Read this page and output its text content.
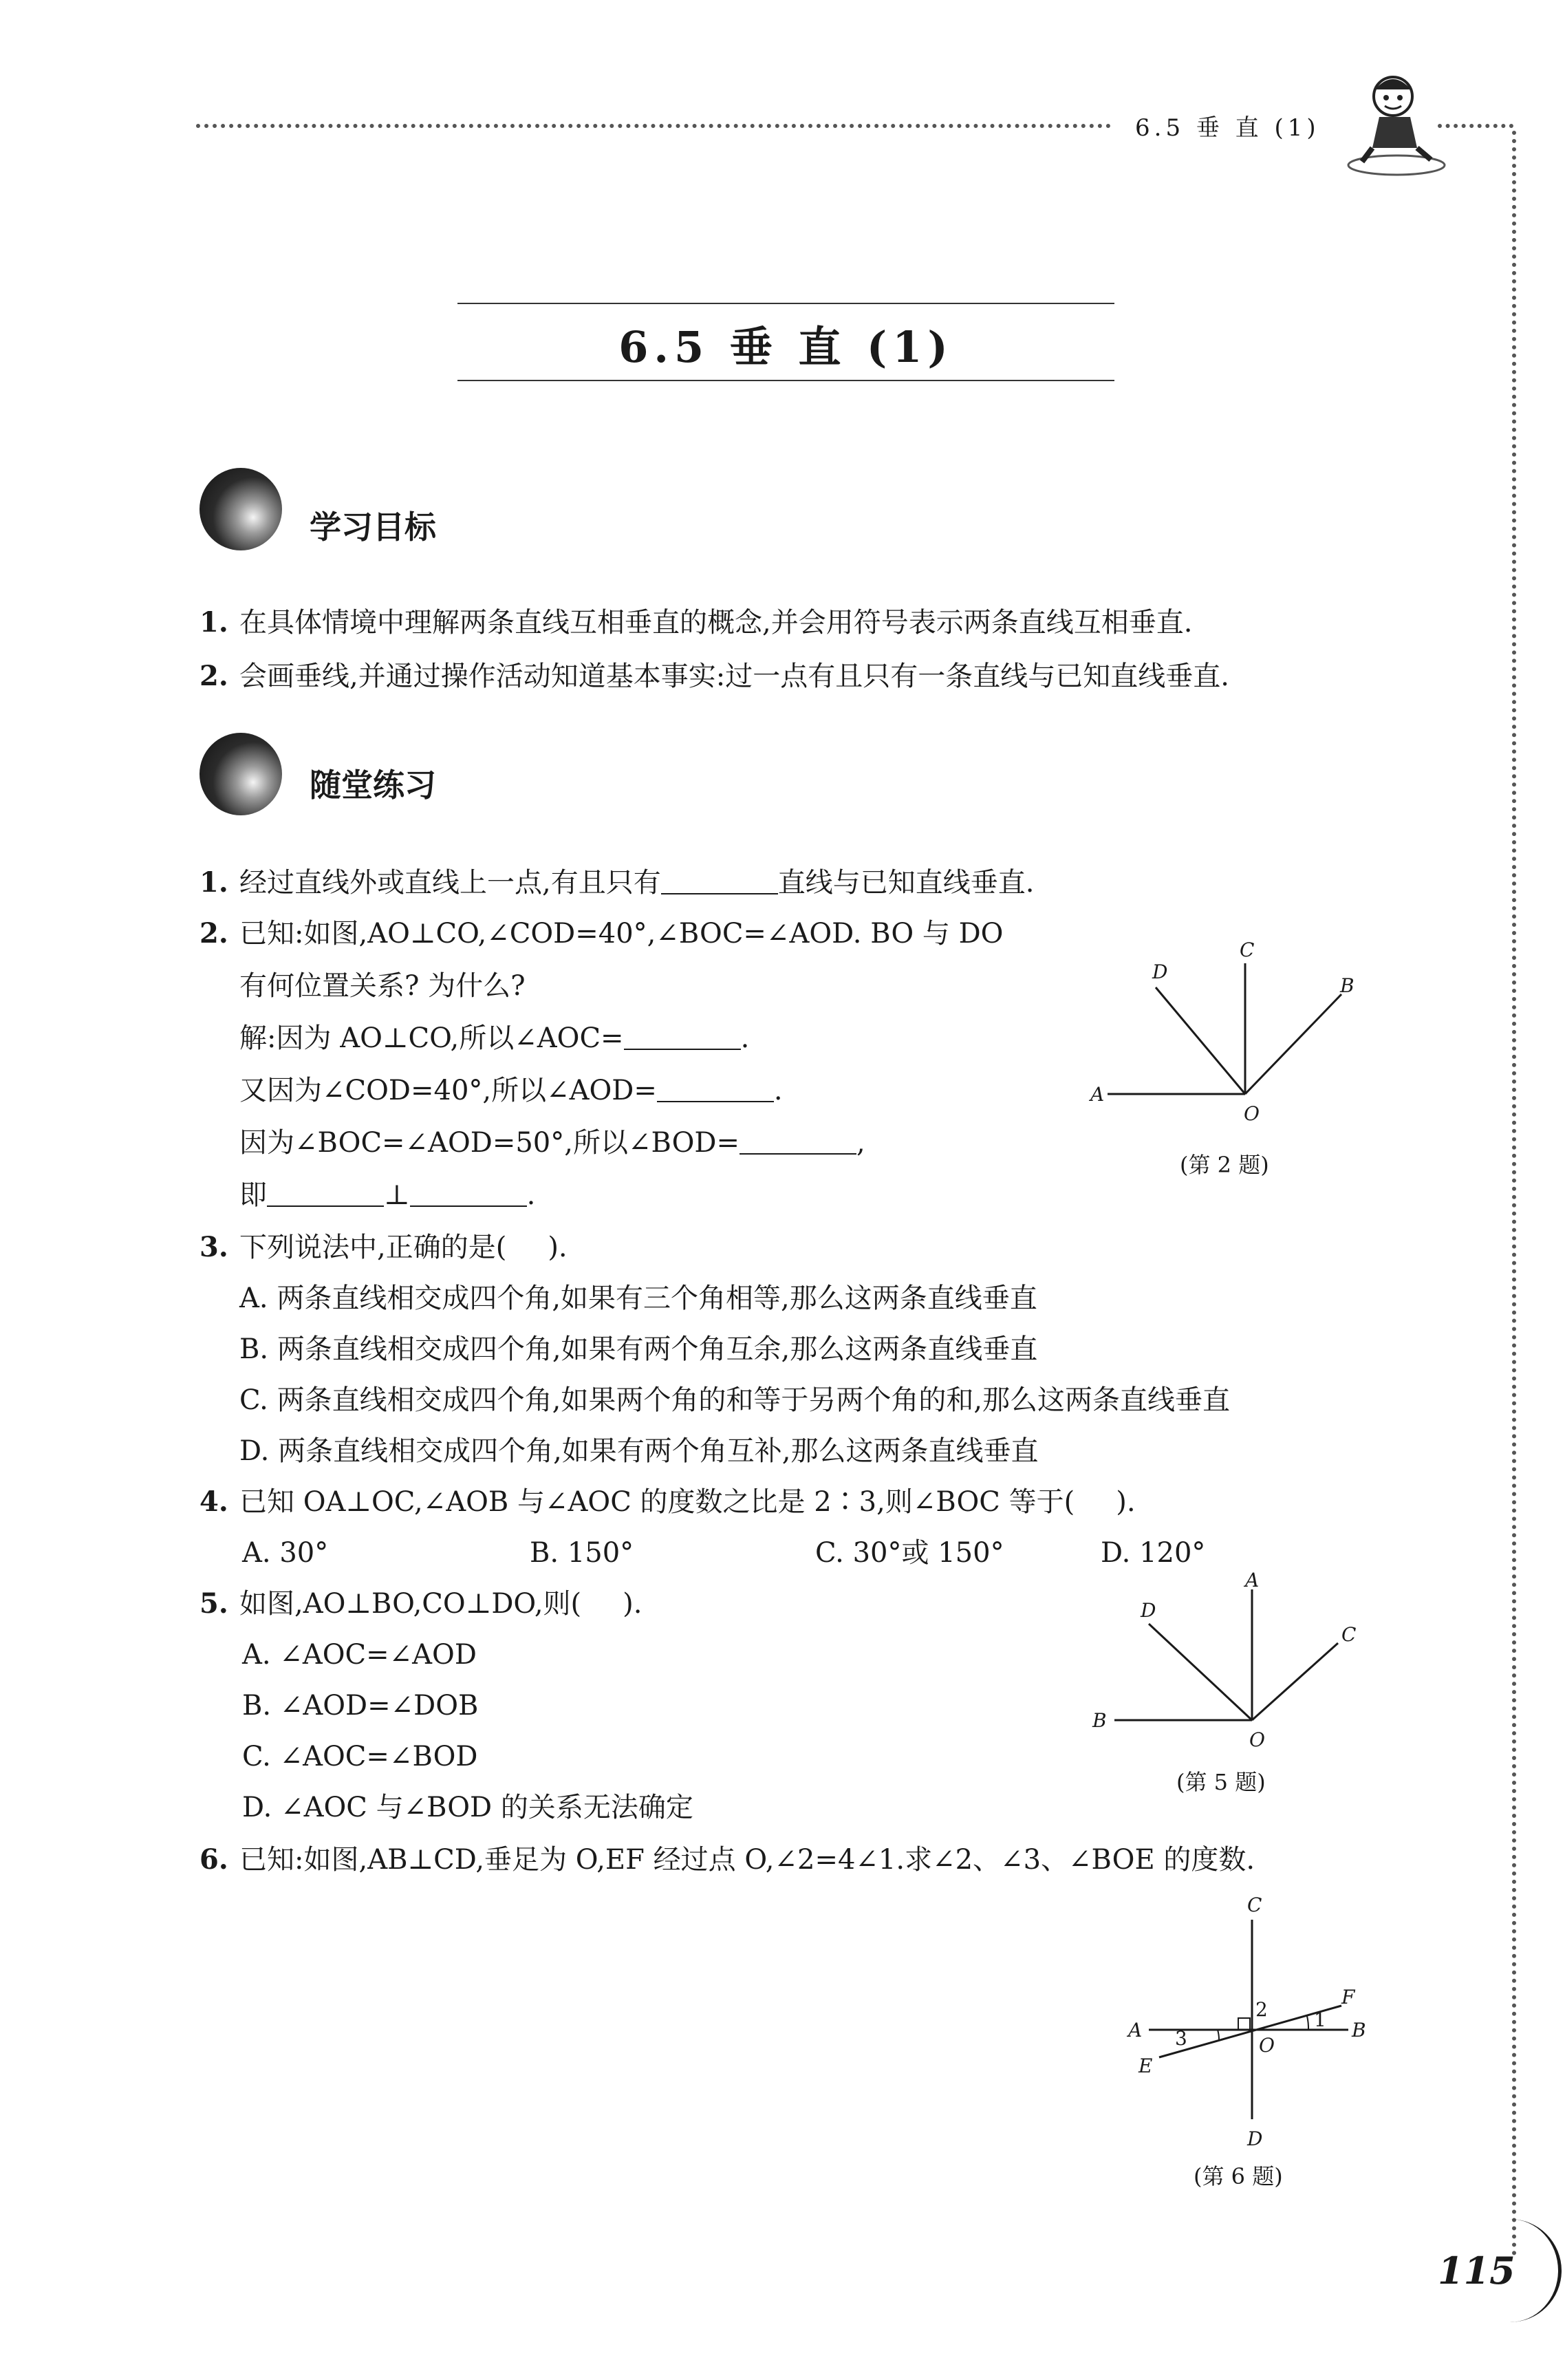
6.5 垂 直 (1)
6.5 垂 直 (1)
学习目标
1. 在具体情境中理解两条直线互相垂直的概念,并会用符号表示两条直线互相垂直.
2. 会画垂线,并通过操作活动知道基本事实:过一点有且只有一条直线与已知直线垂直.
随堂练习
1. 经过直线外或直线上一点,有且只有	直线与已知直线垂直.
2. 已知:如图,AO⊥CO,∠COD=40°,∠BOC=∠AOD. BO 与 DO
有何位置关系? 为什么?
解:因为 AO⊥CO,所以∠AOC=	.
又因为∠COD=40°,所以∠AOD=	.
因为∠BOC=∠AOD=50°,所以∠BOD=	,
即	⊥	.
A
C
D
B
O
(第 2 题)
3. 下列说法中,正确的是( ).
A. 两条直线相交成四个角,如果有三个角相等,那么这两条直线垂直
B. 两条直线相交成四个角,如果有两个角互余,那么这两条直线垂直
C. 两条直线相交成四个角,如果两个角的和等于另两个角的和,那么这两条直线垂直
D. 两条直线相交成四个角,如果有两个角互补,那么这两条直线垂直
4. 已知 OA⊥OC,∠AOB 与∠AOC 的度数之比是 2∶3,则∠BOC 等于( ).
A. 30°	B. 150°	C. 30°或 150°	D. 120°
5. 如图,AO⊥BO,CO⊥DO,则( ).
A. ∠AOC=∠AOD
B. ∠AOD=∠DOB
C. ∠AOC=∠BOD
D. ∠AOC 与∠BOD 的关系无法确定
B
A
D
C
O
(第 5 题)
6. 已知:如图,AB⊥CD,垂足为 O,EF 经过点 O,∠2=4∠1.求∠2、∠3、∠BOE 的度数.
C
D
A	B
E
F
O
2 1
3
(第 6 题)
115
